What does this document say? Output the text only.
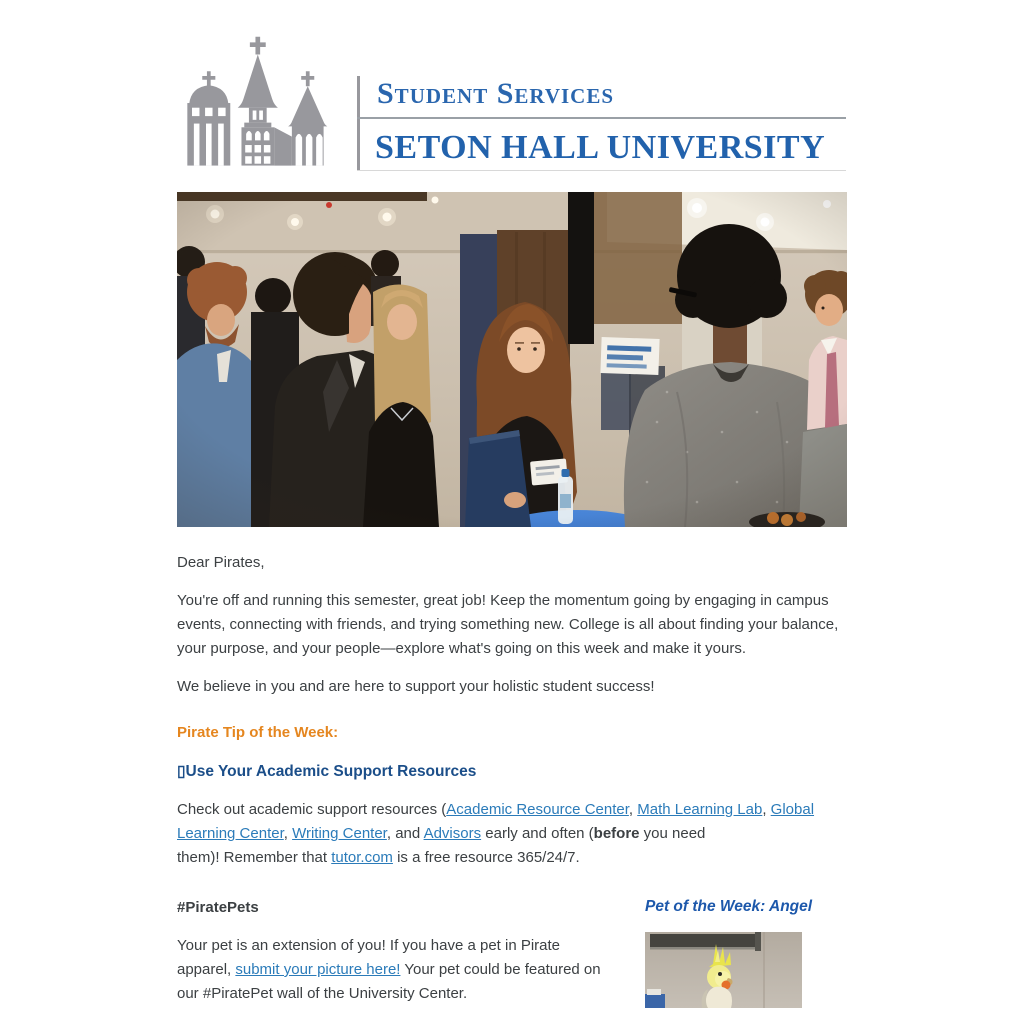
Student Services
SETON HALL UNIVERSITY

Dear Pirates,

You're off and running this semester, great job! Keep the momentum going by engaging in campus events, connecting with friends, and trying something new. College is all about finding your balance, your purpose, and your people—explore what's going on this week and make it yours.

We believe in you and are here to support your holistic student success!

Pirate Tip of the Week:

▯Use Your Academic Support Resources

Check out academic support resources (Academic Resource Center, Math Learning Lab, Global Learning Center, Writing Center, and Advisors early and often (before you need
them)! Remember that tutor.com is a free resource 365/24/7.

#PiratePets

Your pet is an extension of you! If you have a pet in Pirate apparel, submit your picture here! Your pet could be featured on our #PiratePet wall of the University Center.

Pet of the Week: Angel
